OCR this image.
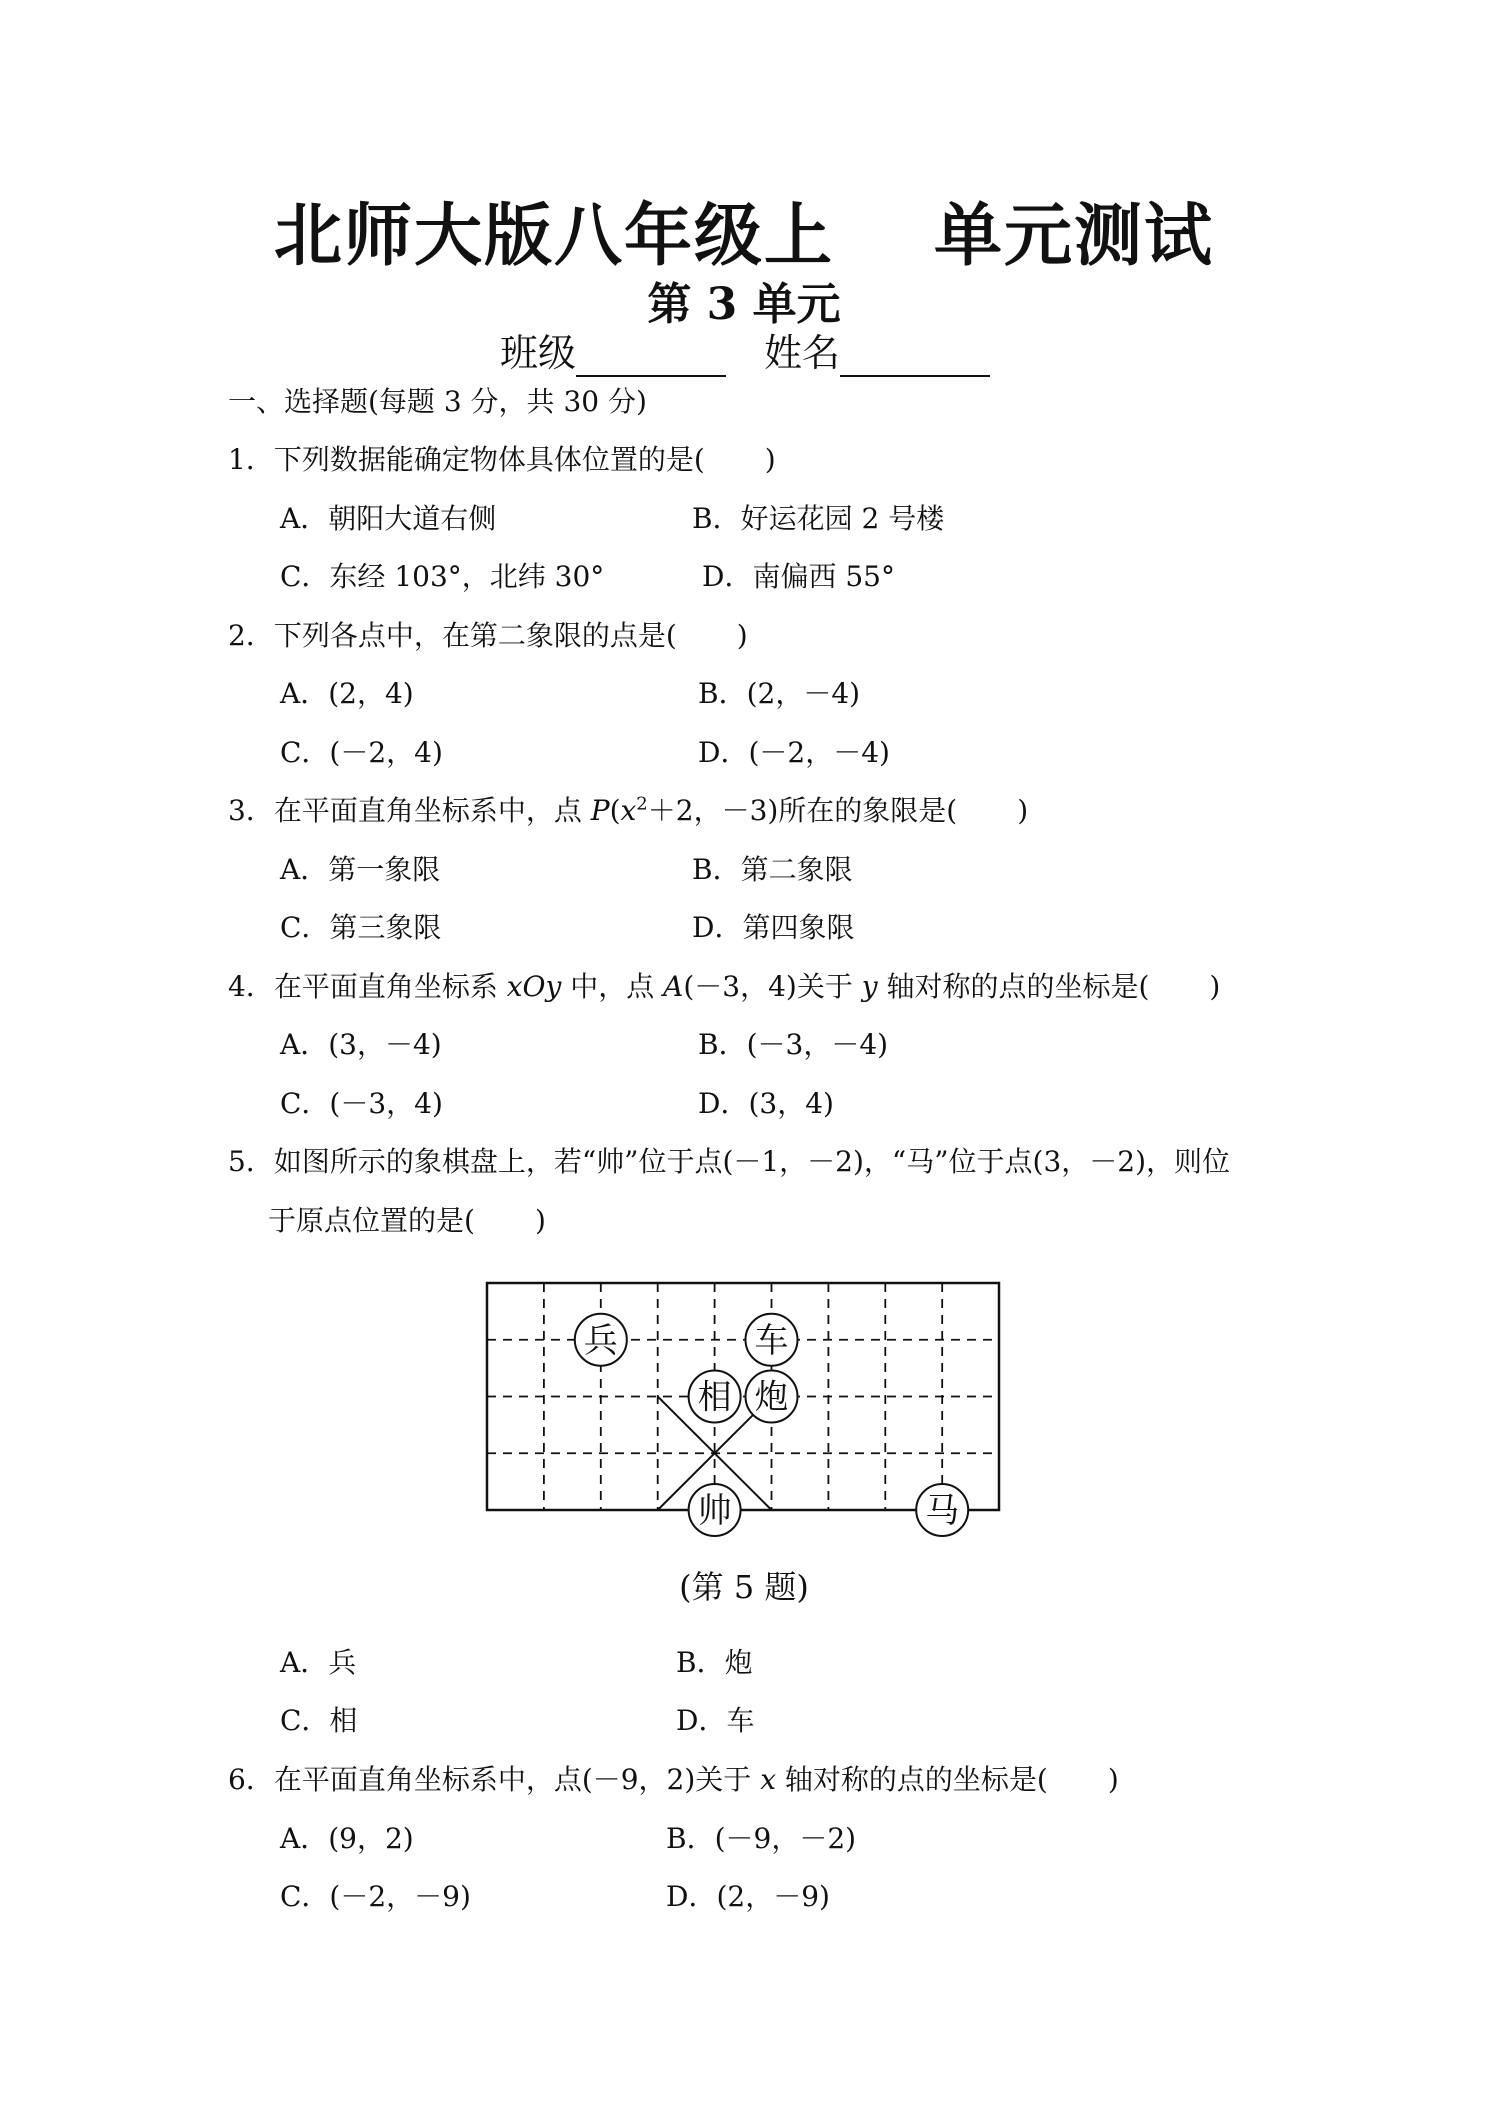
北师大版八年级上 单元测试
第 3 单元
班级	姓名
一、选择题(每题 3 分，共 30 分)
1．下列数据能确定物体具体位置的是( )
A．朝阳大道右侧	B．好运花园 2 号楼
C．东经 103°，北纬 30°	D．南偏西 55°
2．下列各点中，在第二象限的点是( )
A．(2，4)	B．(2，－4)
C．(－2，4)	D．(－2，－4)
3．在平面直角坐标系中，点 $P(x^2+2$，－3)所在的象限是( )
A．第一象限	B．第二象限
C．第三象限	D．第四象限
4．在平面直角坐标系 xOy 中，点 A(－3，4)关于 y 轴对称的点的坐标是( )
A．(3，－4)	B．(－3，－4)
C．(－3，4)	D．(3，4)
5．如图所示的象棋盘上，若“帅”位于点(－1，－2)，“马”位于点(3，－2)，则位
于原点位置的是( )
兵	车
相 炮
帅	马
(第 5 题)
A．兵	B．炮
C．相	D．车
6．在平面直角坐标系中，点(－9，2)关于 x 轴对称的点的坐标是( )
A．(9，2)	B．(－9，－2)
C．(－2，－9)	D．(2，－9)
